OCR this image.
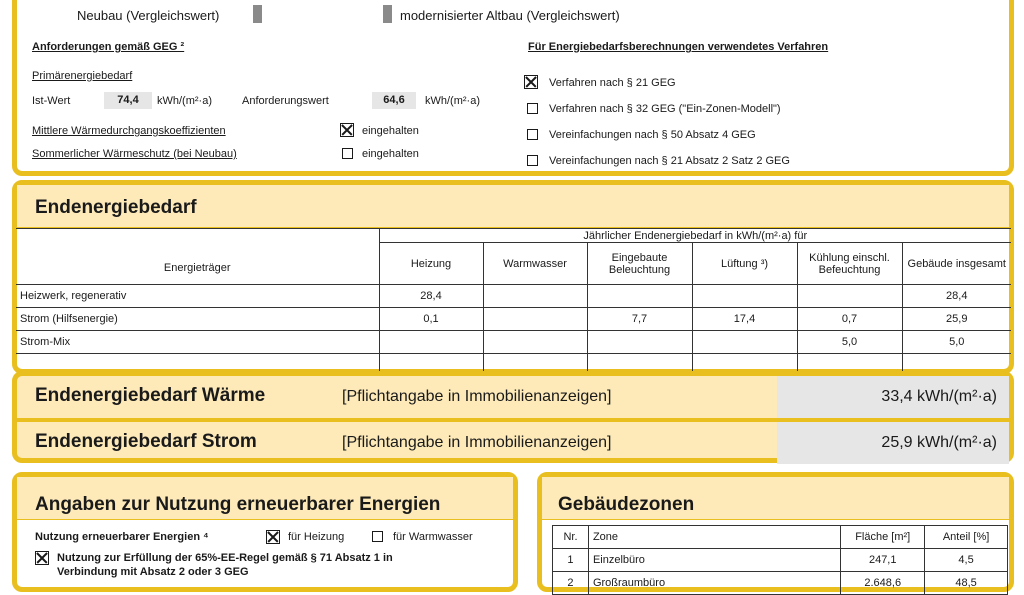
Neubau (Vergleichswert)	modernisierter Altbau (Vergleichswert)
Anforderungen gemäß GEG ²	Für Energiebedarfsberechnungen verwendetes Verfahren
Primärenergiebedarf
Ist-Wert	74,4	kWh/(m²·a)	Anforderungswert	64,6	kWh/(m²·a)
Mittlere Wärmedurchgangskoeffizienten	eingehalten
Sommerlicher Wärmeschutz (bei Neubau)	eingehalten
Verfahren nach § 21 GEG
Verfahren nach § 32 GEG ("Ein-Zonen-Modell")
Vereinfachungen nach § 50 Absatz 4 GEG
Vereinfachungen nach § 21 Absatz 2 Satz 2 GEG
Endenergiebedarf
Energieträger	Jährlicher Endenergiebedarf in kWh/(m²·a) für					
	Heizung	Warmwasser	Eingebaute Beleuchtung	Lüftung ³)	Kühlung einschl. Befeuchtung	Gebäude insgesamt
Heizwerk, regenerativ	28,4					28,4
Strom (Hilfsenergie)	0,1		7,7	17,4	0,7	25,9
Strom-Mix					5,0	5,0

Endenergiebedarf Wärme	[Pflichtangabe in Immobilienanzeigen]	33,4 kWh/(m²·a)
Endenergiebedarf Strom	[Pflichtangabe in Immobilienanzeigen]	25,9 kWh/(m²·a)
Angaben zur Nutzung erneuerbarer Energien
Nutzung erneuerbarer Energien ⁴	für Heizung	für Warmwasser
Nutzung zur Erfüllung der 65%-EE-Regel gemäß § 71 Absatz 1 in
Verbindung mit Absatz 2 oder 3 GEG
Gebäudezonen
Nr.	Zone	Fläche [m²]	Anteil [%]
1	Einzelbüro	247,1	4,5
2	Großraumbüro	2.648,6	48,5
